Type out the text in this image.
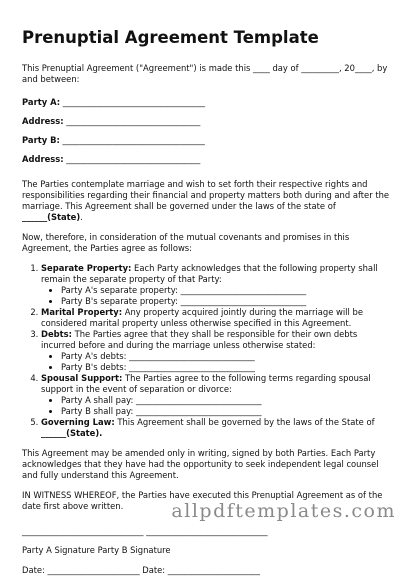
Prenuptial Agreement Template

This Prenuptial Agreement ("Agreement") is made this ____ day of _________, 20____, by and between:

Party A: __________________________________
Address: ________________________________
Party B: __________________________________
Address: ________________________________

The Parties contemplate marriage and wish to set forth their respective rights and responsibilities regarding their financial and property matters both during and after the marriage. This Agreement shall be governed under the laws of the state of ______(State).

Now, therefore, in consideration of the mutual covenants and promises in this Agreement, the Parties agree as follows:

1. Separate Property: Each Party acknowledges that the following property shall remain the separate property of that Party:
• Party A's separate property: ______________________________
• Party B's separate property: ______________________________
2. Marital Property: Any property acquired jointly during the marriage will be considered marital property unless otherwise specified in this Agreement.
3. Debts: The Parties agree that they shall be responsible for their own debts incurred before and during the marriage unless otherwise stated:
• Party A's debts: ______________________________
• Party B's debts: ______________________________
4. Spousal Support: The Parties agree to the following terms regarding spousal support in the event of separation or divorce:
• Party A shall pay: ______________________________
• Party B shall pay: ______________________________
5. Governing Law: This Agreement shall be governed by the laws of the State of ______(State).

This Agreement may be amended only in writing, signed by both Parties. Each Party acknowledges that they have had the opportunity to seek independent legal counsel and fully understand this Agreement.

IN WITNESS WHEREOF, the Parties have executed this Prenuptial Agreement as of the date first above written.

_____________________________ _____________________________
Party A Signature Party B Signature
Date: ______________________ Date: ______________________
allpdftemplates.com
